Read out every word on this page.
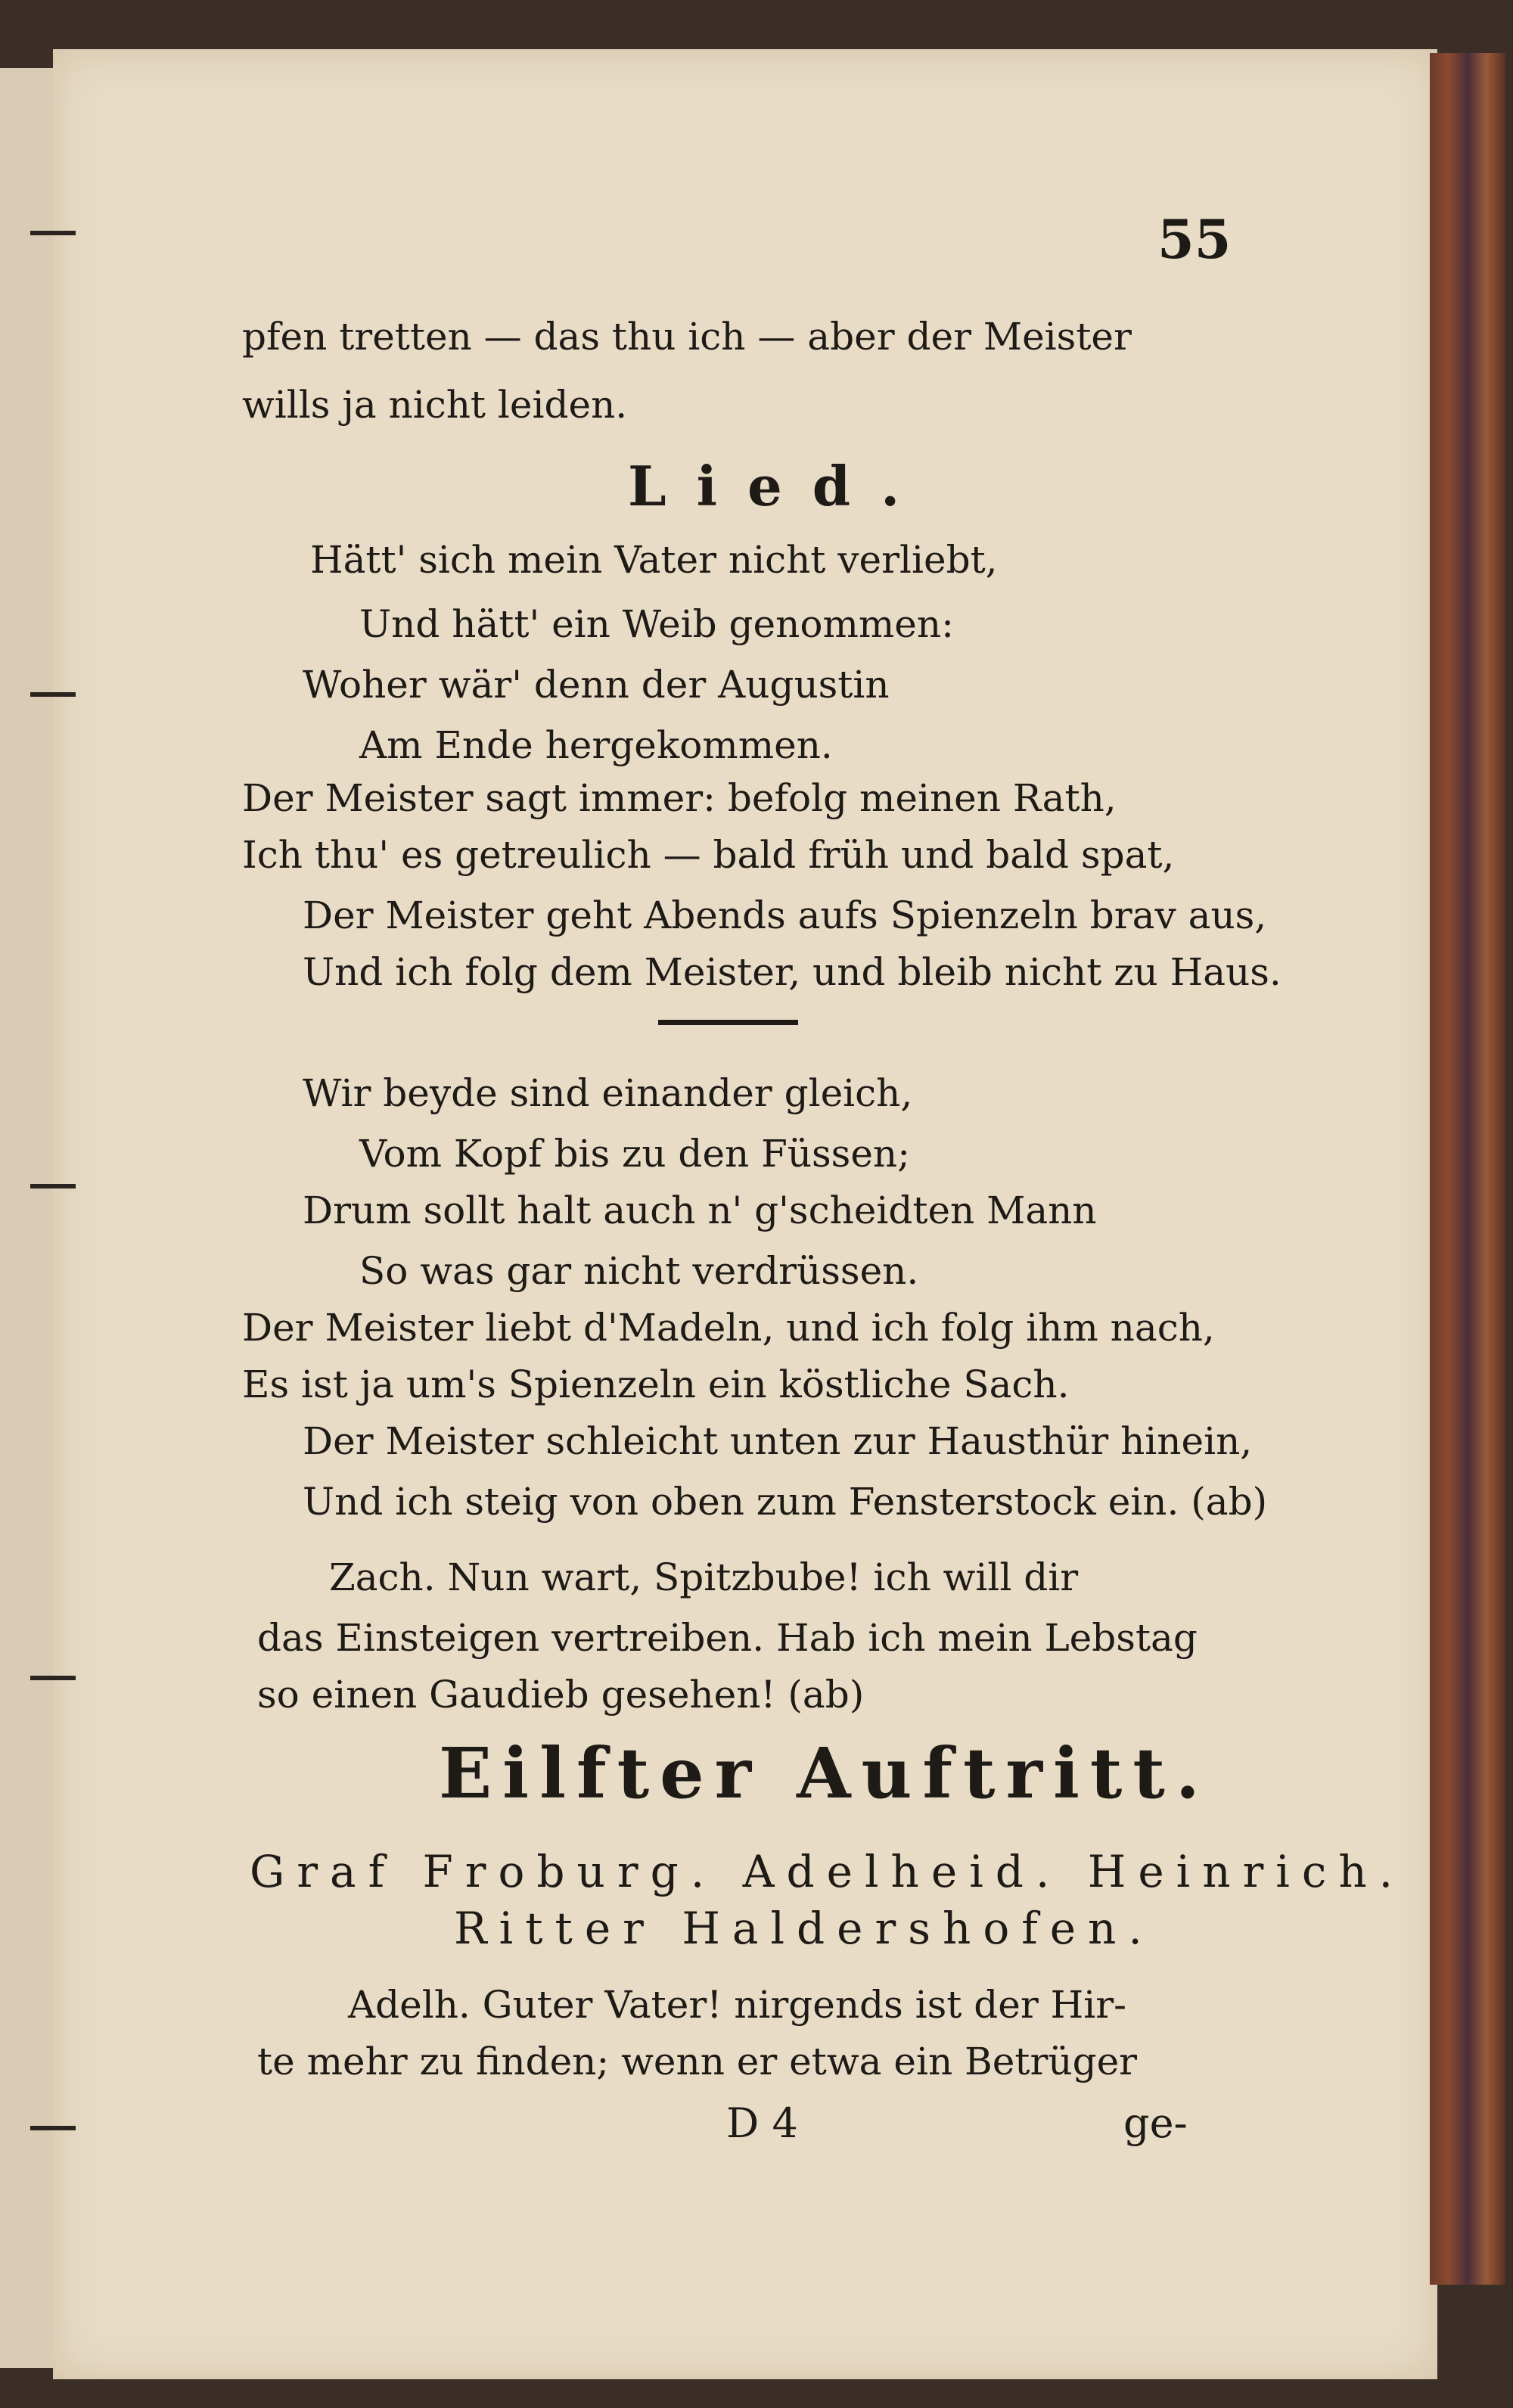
55
pfen tretten — das thu ich — aber der Meister
wills ja nicht leiden.
Lied.
Hätt' sich mein Vater nicht verliebt,
Und hätt' ein Weib genommen:
Woher wär' denn der Augustin
Am Ende hergekommen.
Der Meister sagt immer: befolg meinen Rath,
Ich thu' es getreulich — bald früh und bald spat,
Der Meister geht Abends aufs Spienzeln brav aus,
Und ich folg dem Meister, und bleib nicht zu Haus.
Wir beyde sind einander gleich,
Vom Kopf bis zu den Füssen;
Drum sollt halt auch n' g'scheidten Mann
So was gar nicht verdrüssen.
Der Meister liebt d'Madeln, und ich folg ihm nach,
Es ist ja um's Spienzeln ein köstliche Sach.
Der Meister schleicht unten zur Hausthür hinein,
Und ich steig von oben zum Fensterstock ein. (ab)
Zach. Nun wart, Spitzbube! ich will dir
das Einsteigen vertreiben. Hab ich mein Lebstag
so einen Gaudieb gesehen! (ab)
Eilfter Auftritt.
Graf Froburg. Adelheid. Heinrich.
Ritter Haldershofen.
Adelh. Guter Vater! nirgends ist der Hir-
te mehr zu finden; wenn er etwa ein Betrüger
D 4	ge-
